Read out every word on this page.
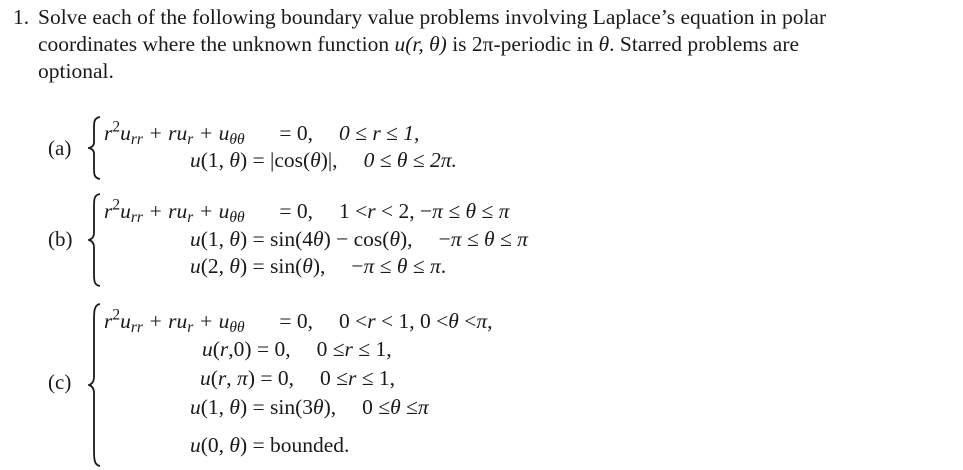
1. Solve each of the following boundary value problems involving Laplace’s equation in polar
coordinates where the unknown function u(r, θ) is 2π-periodic in θ. Starred problems are
optional.
(a)
$r^2u_{rr} + ru_r + u_{\theta\theta}$	= 0, 0 ≤ r ≤ 1,
u (1, θ ) = |cos( θ )|, 0 ≤ θ ≤ 2π.
(b)
$r^2u_{rr} + ru_r + u_{\theta\theta}$	= 0, 1 < r < 2, − π ≤ θ ≤ π
u (1, θ ) = sin(4 θ ) − cos( θ ), − π ≤ θ ≤ π
u (2, θ ) = sin( θ ), − π ≤ θ ≤ π .
(c)
$r^2u_{rr} + ru_r + u_{\theta\theta}$	= 0, 0 < r < 1, 0 < θ < π ,
u ( r ,0) = 0, 0 ≤ r ≤ 1,
u ( r , π ) = 0, 0 ≤ r ≤ 1,
u (1, θ ) = sin(3 θ ), 0 ≤ θ ≤ π
u (0, θ ) = bounded.
